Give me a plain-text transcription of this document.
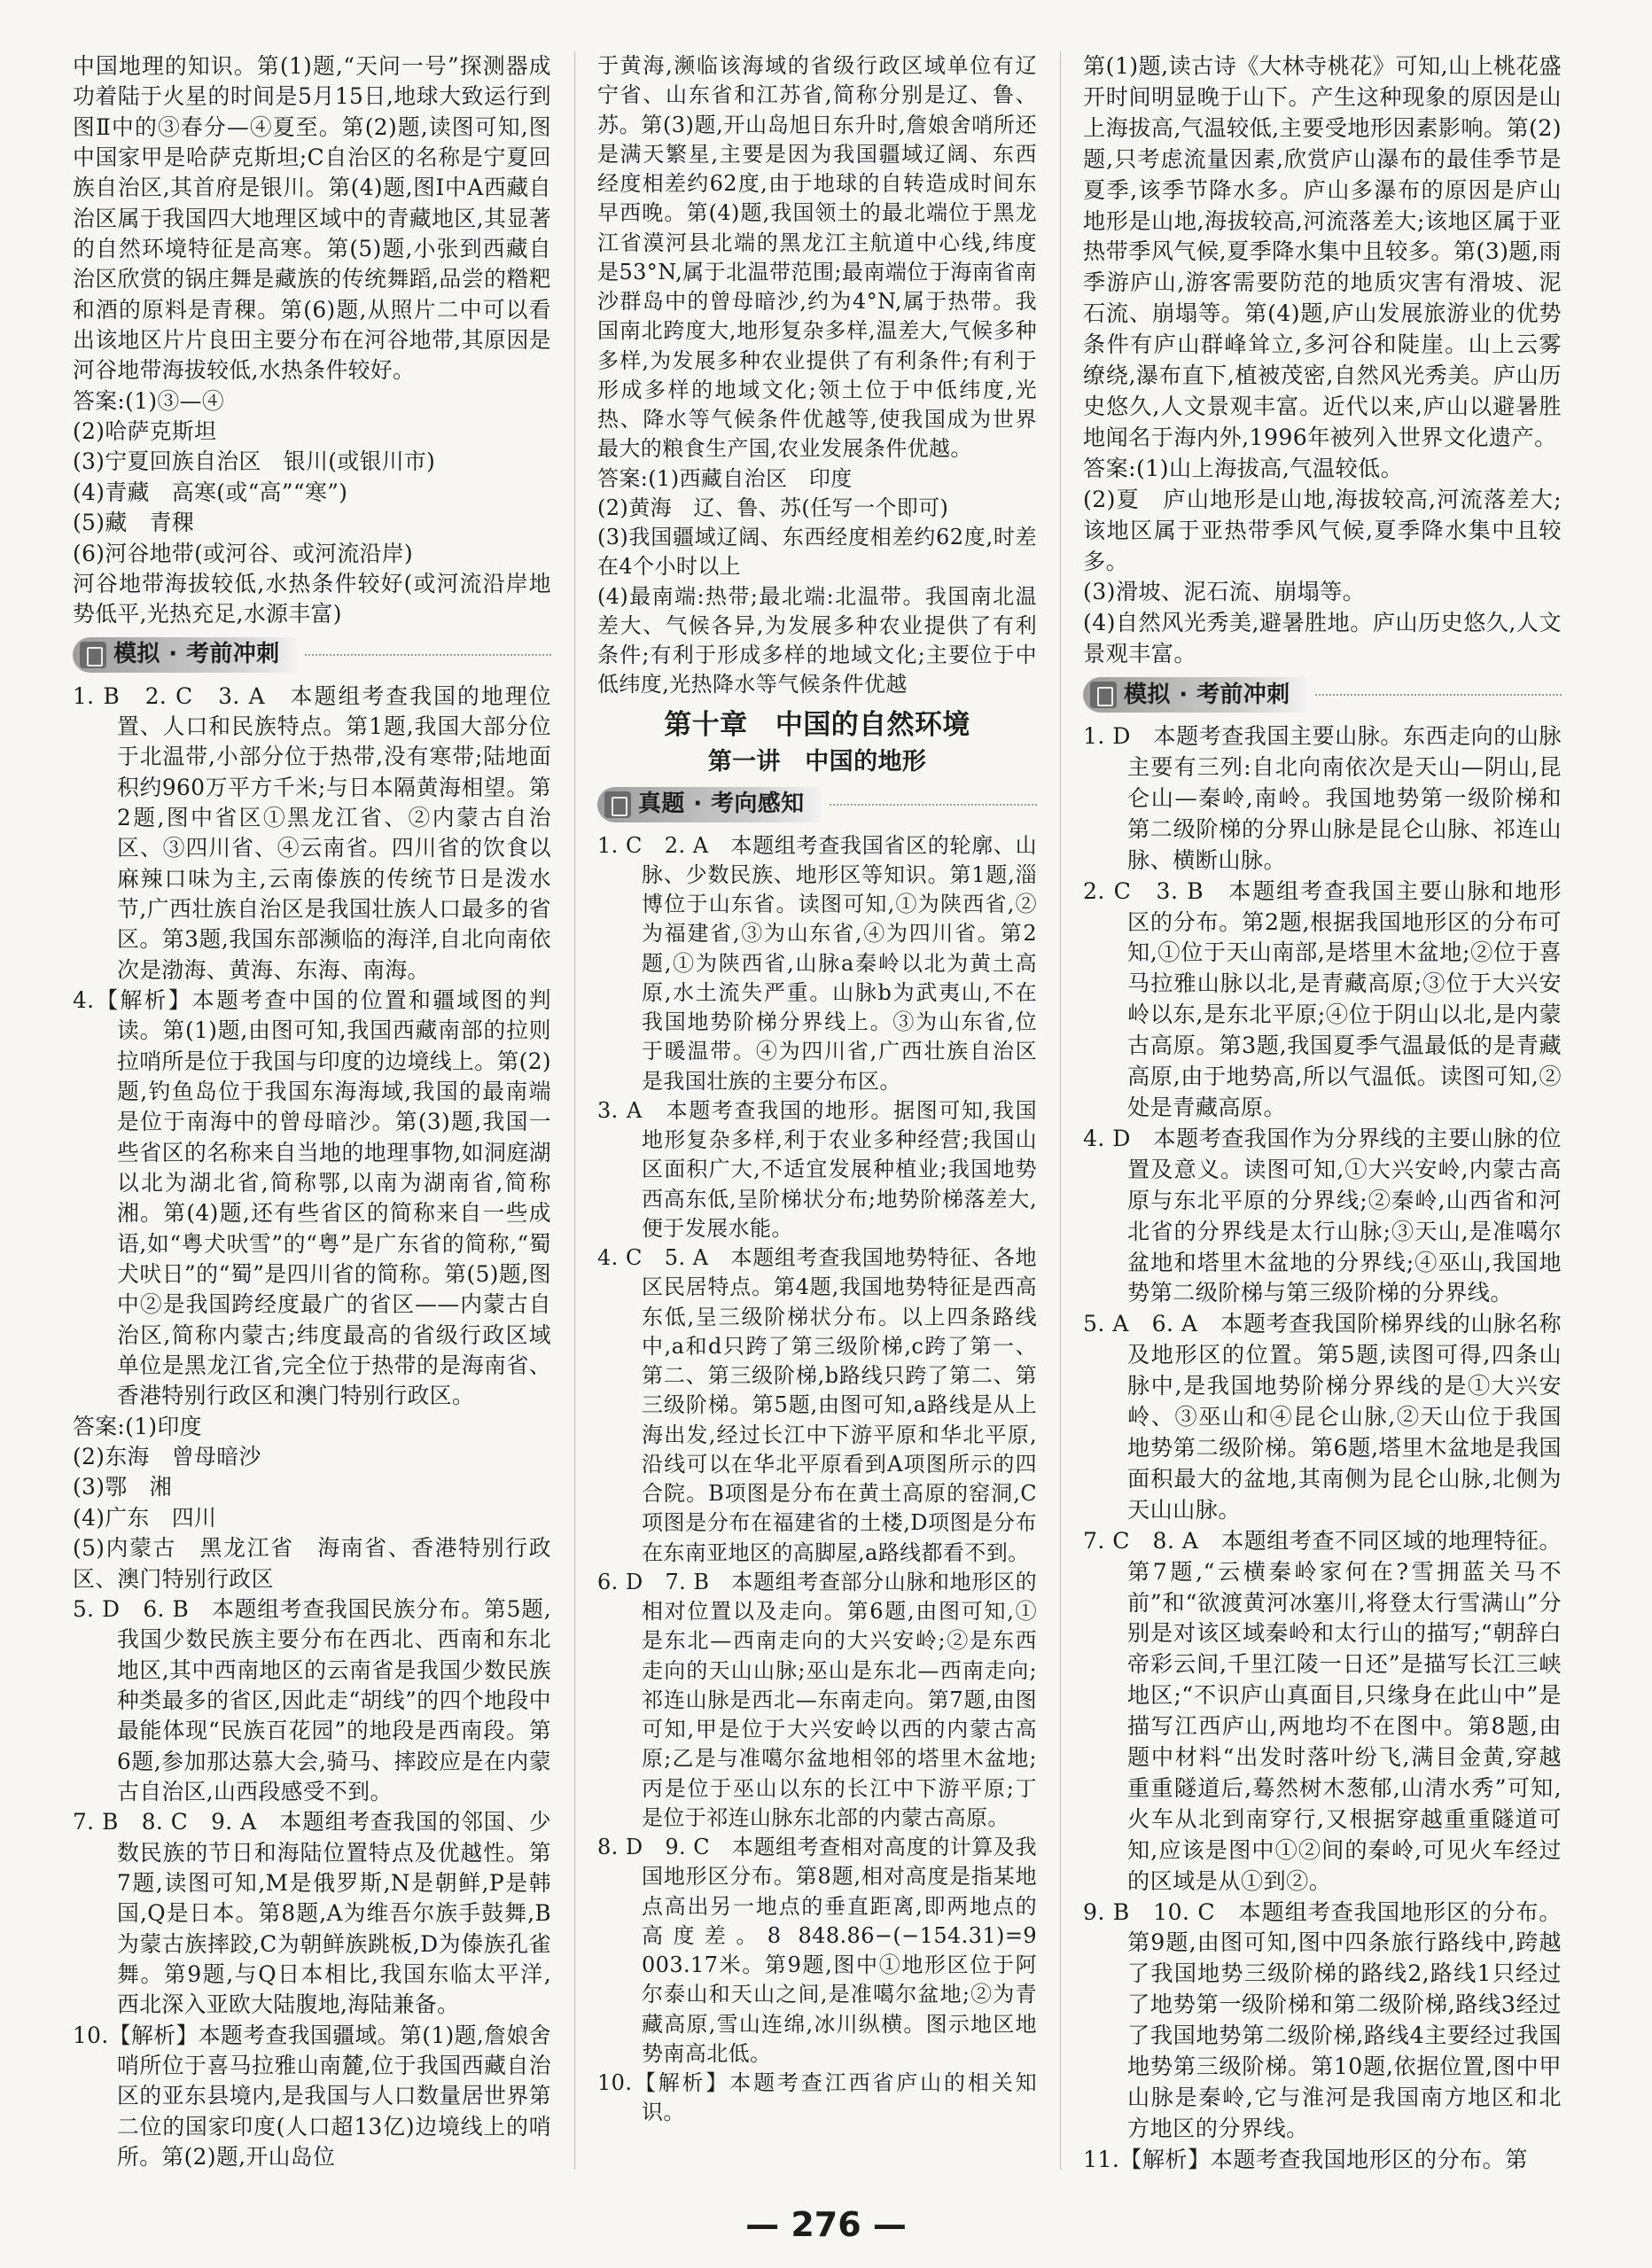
中国地理的知识。第(1)题,“天问一号”探测器成功着陆于火星的时间是5月15日,地球大致运行到图Ⅱ中的③春分—④夏至。第(2)题,读图可知,图中国家甲是哈萨克斯坦;C自治区的名称是宁夏回族自治区,其首府是银川。第(4)题,图Ⅰ中A西藏自治区属于我国四大地理区域中的青藏地区,其显著的自然环境特征是高寒。第(5)题,小张到西藏自治区欣赏的锅庄舞是藏族的传统舞蹈,品尝的糌粑和酒的原料是青稞。第(6)题,从照片二中可以看出该地区片片良田主要分布在河谷地带,其原因是河谷地带海拔较低,水热条件较好。

答案:(1)③—④

(2)哈萨克斯坦

(3)宁夏回族自治区　银川(或银川市)

(4)青藏　高寒(或“高”“寒”)

(5)藏　青稞

(6)河谷地带(或河谷、或河流沿岸)

河谷地带海拔较低,水热条件较好(或河流沿岸地势低平,光热充足,水源丰富)

模拟 · 考前冲刺

1. B　2. C　3. A　本题组考查我国的地理位置、人口和民族特点。第1题,我国大部分位于北温带,小部分位于热带,没有寒带;陆地面积约960万平方千米;与日本隔黄海相望。第2题,图中省区①黑龙江省、②内蒙古自治区、③四川省、④云南省。四川省的饮食以麻辣口味为主,云南傣族的传统节日是泼水节,广西壮族自治区是我国壮族人口最多的省区。第3题,我国东部濒临的海洋,自北向南依次是渤海、黄海、东海、南海。

4.【解析】本题考查中国的位置和疆域图的判读。第(1)题,由图可知,我国西藏南部的拉则拉哨所是位于我国与印度的边境线上。第(2)题,钓鱼岛位于我国东海海域,我国的最南端是位于南海中的曾母暗沙。第(3)题,我国一些省区的名称来自当地的地理事物,如洞庭湖以北为湖北省,简称鄂,以南为湖南省,简称湘。第(4)题,还有些省区的简称来自一些成语,如“粤犬吠雪”的“粤”是广东省的简称,“蜀犬吠日”的“蜀”是四川省的简称。第(5)题,图中②是我国跨经度最广的省区——内蒙古自治区,简称内蒙古;纬度最高的省级行政区域单位是黑龙江省,完全位于热带的是海南省、香港特别行政区和澳门特别行政区。

答案:(1)印度

(2)东海　曾母暗沙

(3)鄂　湘

(4)广东　四川

(5)内蒙古　黑龙江省　海南省、香港特别行政区、澳门特别行政区

5. D　6. B　本题组考查我国民族分布。第5题,我国少数民族主要分布在西北、西南和东北地区,其中西南地区的云南省是我国少数民族种类最多的省区,因此走“胡线”的四个地段中最能体现“民族百花园”的地段是西南段。第6题,参加那达慕大会,骑马、摔跤应是在内蒙古自治区,山西段感受不到。

7. B　8. C　9. A　本题组考查我国的邻国、少数民族的节日和海陆位置特点及优越性。第7题,读图可知,M是俄罗斯,N是朝鲜,P是韩国,Q是日本。第8题,A为维吾尔族手鼓舞,B为蒙古族摔跤,C为朝鲜族跳板,D为傣族孔雀舞。第9题,与Q日本相比,我国东临太平洋,西北深入亚欧大陆腹地,海陆兼备。

10.【解析】本题考查我国疆域。第(1)题,詹娘舍哨所位于喜马拉雅山南麓,位于我国西藏自治区的亚东县境内,是我国与人口数量居世界第二位的国家印度(人口超13亿)边境线上的哨所。第(2)题,开山岛位

于黄海,濒临该海域的省级行政区域单位有辽宁省、山东省和江苏省,简称分别是辽、鲁、苏。第(3)题,开山岛旭日东升时,詹娘舍哨所还是满天繁星,主要是因为我国疆域辽阔、东西经度相差约62度,由于地球的自转造成时间东早西晚。第(4)题,我国领土的最北端位于黑龙江省漠河县北端的黑龙江主航道中心线,纬度是53°N,属于北温带范围;最南端位于海南省南沙群岛中的曾母暗沙,约为4°N,属于热带。我国南北跨度大,地形复杂多样,温差大,气候多种多样,为发展多种农业提供了有利条件;有利于形成多样的地域文化;领土位于中低纬度,光热、降水等气候条件优越等,使我国成为世界最大的粮食生产国,农业发展条件优越。

答案:(1)西藏自治区　印度

(2)黄海　辽、鲁、苏(任写一个即可)

(3)我国疆域辽阔、东西经度相差约62度,时差在4个小时以上

(4)最南端:热带;最北端:北温带。我国南北温差大、气候各异,为发展多种农业提供了有利条件;有利于形成多样的地域文化;主要位于中低纬度,光热降水等气候条件优越

第十章　中国的自然环境
第一讲　中国的地形
真题 · 考向感知

1. C　2. A　本题组考查我国省区的轮廓、山脉、少数民族、地形区等知识。第1题,淄博位于山东省。读图可知,①为陕西省,②为福建省,③为山东省,④为四川省。第2题,①为陕西省,山脉a秦岭以北为黄土高原,水土流失严重。山脉b为武夷山,不在我国地势阶梯分界线上。③为山东省,位于暖温带。④为四川省,广西壮族自治区是我国壮族的主要分布区。

3. A　本题考查我国的地形。据图可知,我国地形复杂多样,利于农业多种经营;我国山区面积广大,不适宜发展种植业;我国地势西高东低,呈阶梯状分布;地势阶梯落差大,便于发展水能。

4. C　5. A　本题组考查我国地势特征、各地区民居特点。第4题,我国地势特征是西高东低,呈三级阶梯状分布。以上四条路线中,a和d只跨了第三级阶梯,c跨了第一、第二、第三级阶梯,b路线只跨了第二、第三级阶梯。第5题,由图可知,a路线是从上海出发,经过长江中下游平原和华北平原,沿线可以在华北平原看到A项图所示的四合院。B项图是分布在黄土高原的窑洞,C项图是分布在福建省的土楼,D项图是分布在东南亚地区的高脚屋,a路线都看不到。

6. D　7. B　本题组考查部分山脉和地形区的相对位置以及走向。第6题,由图可知,①是东北—西南走向的大兴安岭;②是东西走向的天山山脉;巫山是东北—西南走向;祁连山脉是西北—东南走向。第7题,由图可知,甲是位于大兴安岭以西的内蒙古高原;乙是与准噶尔盆地相邻的塔里木盆地;丙是位于巫山以东的长江中下游平原;丁是位于祁连山脉东北部的内蒙古高原。

8. D　9. C　本题组考查相对高度的计算及我国地形区分布。第8题,相对高度是指某地点高出另一地点的垂直距离,即两地点的高度差。8 848.86−(−154.31)=9 003.17米。第9题,图中①地形区位于阿尔泰山和天山之间,是准噶尔盆地;②为青藏高原,雪山连绵,冰川纵横。图示地区地势南高北低。

10.【解析】本题考查江西省庐山的相关知识。

第(1)题,读古诗《大林寺桃花》可知,山上桃花盛开时间明显晚于山下。产生这种现象的原因是山上海拔高,气温较低,主要受地形因素影响。第(2)题,只考虑流量因素,欣赏庐山瀑布的最佳季节是夏季,该季节降水多。庐山多瀑布的原因是庐山地形是山地,海拔较高,河流落差大;该地区属于亚热带季风气候,夏季降水集中且较多。第(3)题,雨季游庐山,游客需要防范的地质灾害有滑坡、泥石流、崩塌等。第(4)题,庐山发展旅游业的优势条件有庐山群峰耸立,多河谷和陡崖。山上云雾缭绕,瀑布直下,植被茂密,自然风光秀美。庐山历史悠久,人文景观丰富。近代以来,庐山以避暑胜地闻名于海内外,1996年被列入世界文化遗产。

答案:(1)山上海拔高,气温较低。

(2)夏　庐山地形是山地,海拔较高,河流落差大;该地区属于亚热带季风气候,夏季降水集中且较多。

(3)滑坡、泥石流、崩塌等。

(4)自然风光秀美,避暑胜地。庐山历史悠久,人文景观丰富。

模拟 · 考前冲刺

1. D　本题考查我国主要山脉。东西走向的山脉主要有三列:自北向南依次是天山—阴山,昆仑山—秦岭,南岭。我国地势第一级阶梯和第二级阶梯的分界山脉是昆仑山脉、祁连山脉、横断山脉。

2. C　3. B　本题组考查我国主要山脉和地形区的分布。第2题,根据我国地形区的分布可知,①位于天山南部,是塔里木盆地;②位于喜马拉雅山脉以北,是青藏高原;③位于大兴安岭以东,是东北平原;④位于阴山以北,是内蒙古高原。第3题,我国夏季气温最低的是青藏高原,由于地势高,所以气温低。读图可知,②处是青藏高原。

4. D　本题考查我国作为分界线的主要山脉的位置及意义。读图可知,①大兴安岭,内蒙古高原与东北平原的分界线;②秦岭,山西省和河北省的分界线是太行山脉;③天山,是准噶尔盆地和塔里木盆地的分界线;④巫山,我国地势第二级阶梯与第三级阶梯的分界线。

5. A　6. A　本题考查我国阶梯界线的山脉名称及地形区的位置。第5题,读图可得,四条山脉中,是我国地势阶梯分界线的是①大兴安岭、③巫山和④昆仑山脉,②天山位于我国地势第二级阶梯。第6题,塔里木盆地是我国面积最大的盆地,其南侧为昆仑山脉,北侧为天山山脉。

7. C　8. A　本题组考查不同区域的地理特征。第7题,“云横秦岭家何在?雪拥蓝关马不前”和“欲渡黄河冰塞川,将登太行雪满山”分别是对该区域秦岭和太行山的描写;“朝辞白帝彩云间,千里江陵一日还”是描写长江三峡地区;“不识庐山真面目,只缘身在此山中”是描写江西庐山,两地均不在图中。第8题,由题中材料“出发时落叶纷飞,满目金黄,穿越重重隧道后,蓦然树木葱郁,山清水秀”可知,火车从北到南穿行,又根据穿越重重隧道可知,应该是图中①②间的秦岭,可见火车经过的区域是从①到②。

9. B　10. C　本题组考查我国地形区的分布。第9题,由图可知,图中四条旅行路线中,跨越了我国地势三级阶梯的路线2,路线1只经过了地势第一级阶梯和第二级阶梯,路线3经过了我国地势第二级阶梯,路线4主要经过我国地势第三级阶梯。第10题,依据位置,图中甲山脉是秦岭,它与淮河是我国南方地区和北方地区的分界线。

11.【解析】本题考查我国地形区的分布。第

— 276 —
